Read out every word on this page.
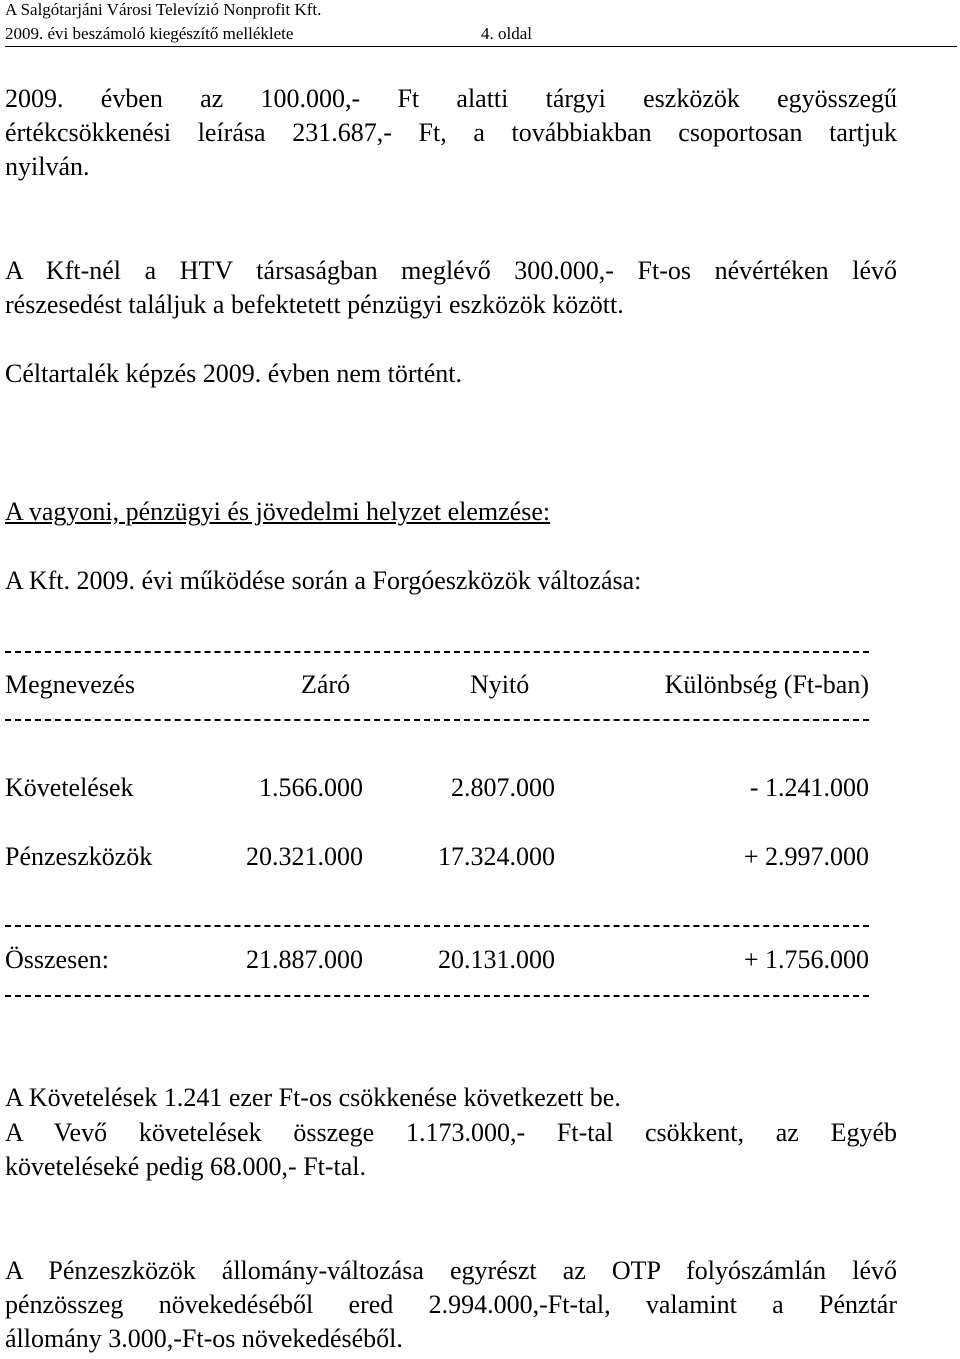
A Salgótarjáni Városi Televízió Nonprofit Kft.
2009. évi beszámoló kiegészítő melléklete	4. oldal
2009. évben az 100.000,- Ft alatti tárgyi eszközök egyösszegű
értékcsökkenési leírása 231.687,- Ft, a továbbiakban csoportosan tartjuk
nyilván.
A Kft-nél a HTV társaságban meglévő 300.000,- Ft-os névértéken lévő
részesedést találjuk a befektetett pénzügyi eszközök között.
Céltartalék képzés 2009. évben nem történt.
A vagyoni, pénzügyi és jövedelmi helyzet elemzése:
A Kft. 2009. évi működése során a Forgóeszközök változása:
Megnevezés	Záró	Nyitó	Különbség (Ft-ban)
Követelések	1.566.000	2.807.000	- 1.241.000
Pénzeszközök	20.321.000	17.324.000	+ 2.997.000
Összesen:	21.887.000	20.131.000	+ 1.756.000
A Követelések 1.241 ezer Ft-os csökkenése következett be.
A Vevő követelések összege 1.173.000,- Ft-tal csökkent, az Egyéb
követeléseké pedig 68.000,- Ft-tal.
A Pénzeszközök állomány-változása egyrészt az OTP folyószámlán lévő
pénzösszeg növekedéséből ered 2.994.000,-Ft-tal, valamint a Pénztár
állomány 3.000,-Ft-os növekedéséből.
